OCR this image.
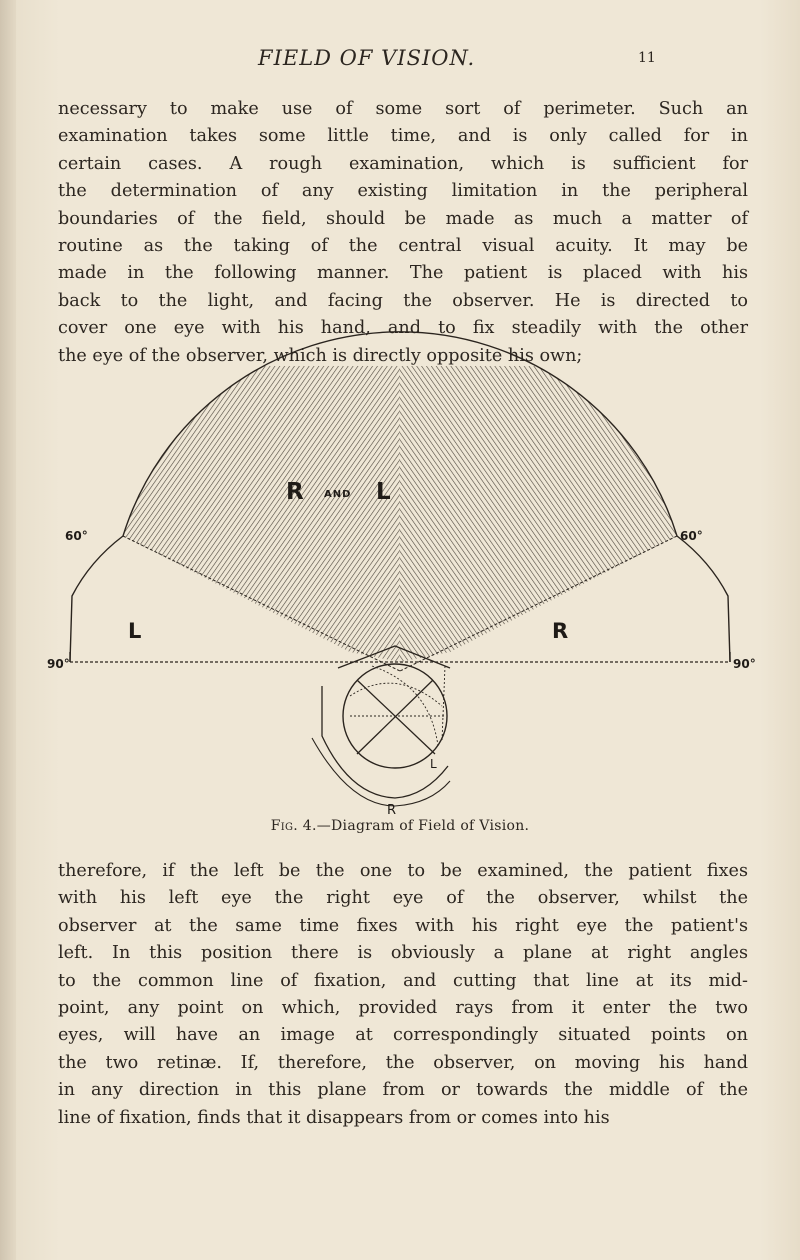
FIELD OF VISION.	11
necessary to make use of some sort of perimeter. Such an
examination takes some little time, and is only called for in
certain cases. A rough examination, which is sufficient for
the determination of any existing limitation in the peripheral
boundaries of the field, should be made as much a matter of
routine as the taking of the central visual acuity. It may be
made in the following manner. The patient is placed with his
back to the light, and facing the observer. He is directed to
cover one eye with his hand, and to fix steadily with the other
the eye of the observer, which is directly opposite his own;
R AND L
L	R
60°	60°
90°	90°
L
R
Fig. 4.—Diagram of Field of Vision.
therefore, if the left be the one to be examined, the patient fixes
with his left eye the right eye of the observer, whilst the
observer at the same time fixes with his right eye the patient's
left. In this position there is obviously a plane at right angles
to the common line of fixation, and cutting that line at its mid-
point, any point on which, provided rays from it enter the two
eyes, will have an image at correspondingly situated points on
the two retinæ. If, therefore, the observer, on moving his hand
in any direction in this plane from or towards the middle of the
line of fixation, finds that it disappears from or comes into his
